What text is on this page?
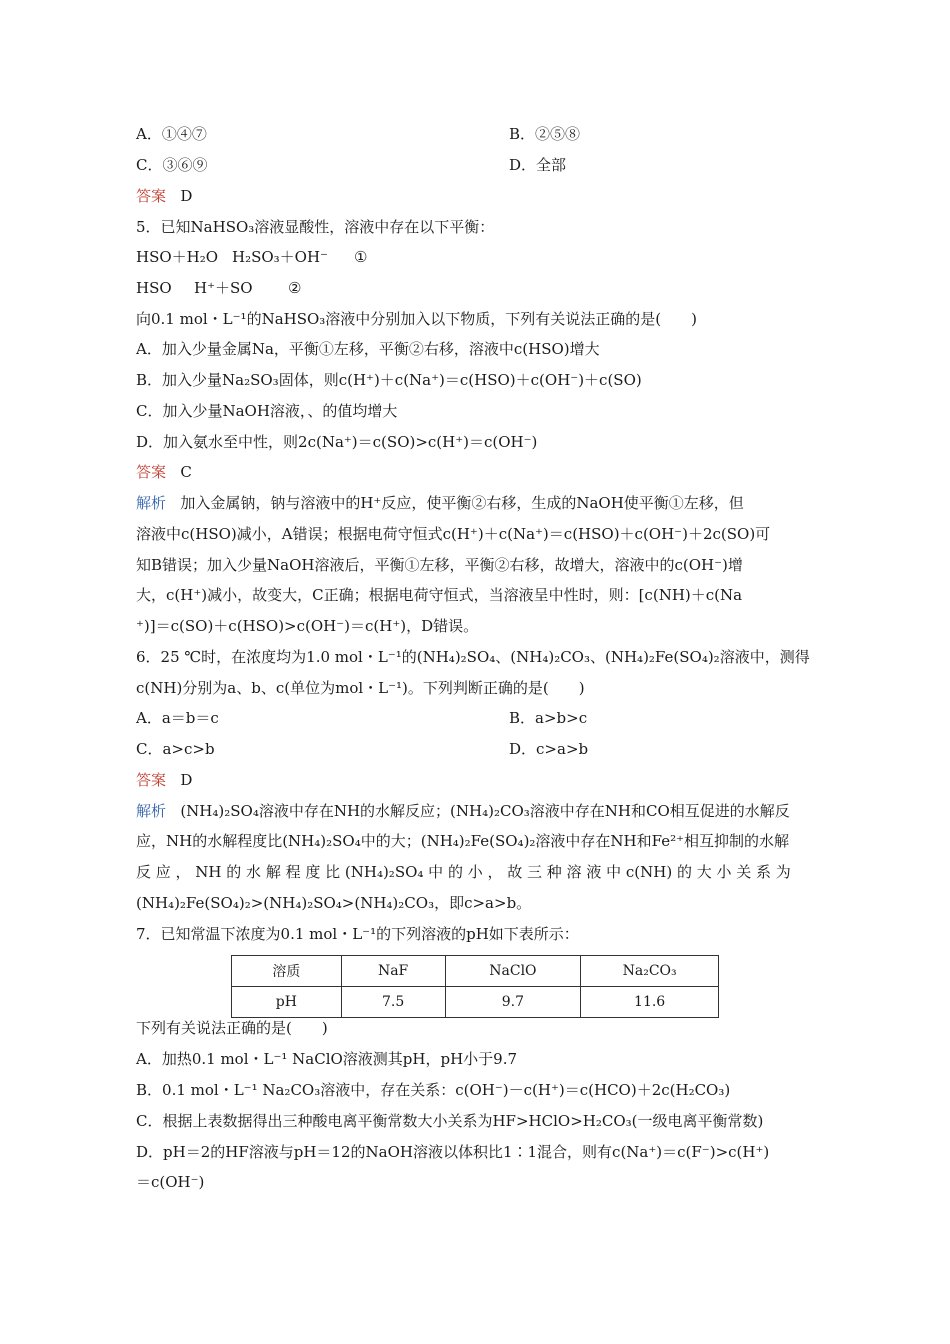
A．①④⑦	B．②⑤⑧
C．③⑥⑨	D．全部
答案 D
5．已知NaHSO₃溶液显酸性，溶液中存在以下平衡：
HSO＋H₂O H₂SO₃＋OH⁻ ①
HSO H⁺＋SO ②
向0.1 mol・L⁻¹的NaHSO₃溶液中分别加入以下物质，下列有关说法正确的是(　　)
A．加入少量金属Na，平衡①左移，平衡②右移，溶液中c(HSO)增大
B．加入少量Na₂SO₃固体，则c(H⁺)＋c(Na⁺)＝c(HSO)＋c(OH⁻)＋c(SO)
C．加入少量NaOH溶液，、的值均增大
D．加入氨水至中性，则2c(Na⁺)＝c(SO)>c(H⁺)＝c(OH⁻)
答案 C
解析 加入金属钠，钠与溶液中的H⁺反应，使平衡②右移，生成的NaOH使平衡①左移，但
溶液中c(HSO)减小，A错误；根据电荷守恒式c(H⁺)＋c(Na⁺)＝c(HSO)＋c(OH⁻)＋2c(SO)可
知B错误；加入少量NaOH溶液后，平衡①左移，平衡②右移，故增大，溶液中的c(OH⁻)增
大，c(H⁺)减小，故变大，C正确；根据电荷守恒式，当溶液呈中性时，则：[c(NH)＋c(Na
⁺)]＝c(SO)＋c(HSO)>c(OH⁻)＝c(H⁺)，D错误。
6．25 ℃时，在浓度均为1.0 mol・L⁻¹的(NH₄)₂SO₄、(NH₄)₂CO₃、(NH₄)₂Fe(SO₄)₂溶液中，测得
c(NH)分别为a、b、c(单位为mol・L⁻¹)。下列判断正确的是(　　)
A．a＝b＝c	B．a>b>c
C．a>c>b	D．c>a>b
答案 D
解析 (NH₄)₂SO₄溶液中存在NH的水解反应；(NH₄)₂CO₃溶液中存在NH和CO相互促进的水解反
应，NH的水解程度比(NH₄)₂SO₄中的大；(NH₄)₂Fe(SO₄)₂溶液中存在NH和Fe²⁺相互抑制的水解
反 应 ， NH 的 水 解 程 度 比 (NH₄)₂SO₄ 中 的 小 ， 故 三 种 溶 液 中 c(NH) 的 大 小 关 系 为
(NH₄)₂Fe(SO₄)₂>(NH₄)₂SO₄>(NH₄)₂CO₃，即c>a>b。
7．已知常温下浓度为0.1 mol・L⁻¹的下列溶液的pH如下表所示：
溶质	NaF	NaClO	Na₂CO₃
pH	7.5	9.7	11.6
下列有关说法正确的是(　　)
A．加热0.1 mol・L⁻¹ NaClO溶液测其pH，pH小于9.7
B．0.1 mol・L⁻¹ Na₂CO₃溶液中，存在关系：c(OH⁻)－c(H⁺)＝c(HCO)＋2c(H₂CO₃)
C．根据上表数据得出三种酸电离平衡常数大小关系为HF>HClO>H₂CO₃(一级电离平衡常数)
D．pH＝2的HF溶液与pH＝12的NaOH溶液以体积比1∶1混合，则有c(Na⁺)＝c(F⁻)>c(H⁺)
＝c(OH⁻)
